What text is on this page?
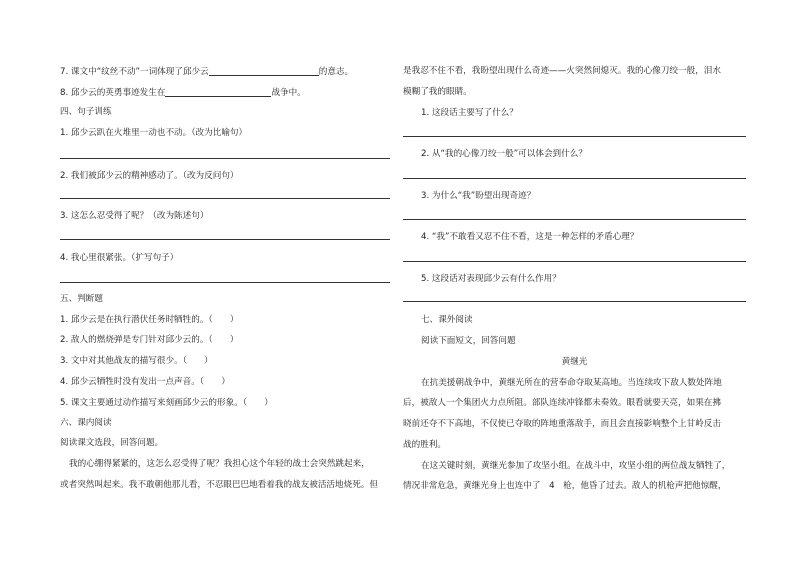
7. 课文中“纹丝不动”一词体现了邱少云	的意志。
8. 邱少云的英勇事迹发生在	战争中。
四、句子训练
1. 邱少云趴在火堆里一动也不动。（改为比喻句）
2. 我们被邱少云的精神感动了。（改为反问句）
3. 这怎么忍受得了呢？（改为陈述句）
4. 我心里很紧张。（扩写句子）
五、判断题
1. 邱少云是在执行潜伏任务时牺牲的。（　　）
2. 敌人的燃烧弹是专门针对邱少云的。（　　）
3. 文中对其他战友的描写很少。（　　）
4. 邱少云牺牲时没有发出一点声音。（　　）
5. 课文主要通过动作描写来刻画邱少云的形象。（　　）
六、课内阅读
阅读课文选段，回答问题。
我的心绷得紧紧的，这怎么忍受得了呢？我担心这个年轻的战士会突然跳起来，
或者突然叫起来。我不敢朝他那儿看，不忍眼巴巴地看着我的战友被活活地烧死。但
是我忍不住不看，我盼望出现什么奇迹——火突然间熄灭。我的心像刀绞一般，泪水
模糊了我的眼睛。
1. 这段话主要写了什么？
2. 从“我的心像刀绞一般”可以体会到什么？
3. 为什么“我”盼望出现奇迹？
4. “我”不敢看又忍不住不看，这是一种怎样的矛盾心理？
5. 这段话对表现邱少云有什么作用？
七、课外阅读
阅读下面短文，回答问题
黄继光
在抗美援朝战争中，黄继光所在的营奉命夺取某高地。当连续攻下敌人数处阵地
后，被敌人一个集团火力点所阻。部队连续冲锋都未奏效。眼看就要天亮，如果在拂
晓前还夺不下高地，不仅使已夺取的阵地重落敌手，而且会直接影响整个上甘岭反击
战的胜利。
在这关键时刻，黄继光参加了攻坚小组。在战斗中，攻坚小组的两位战友牺牲了，
情况非常危急，黄继光身上也连中了　4　枪，他昏了过去。敌人的机枪声把他惊醒，
